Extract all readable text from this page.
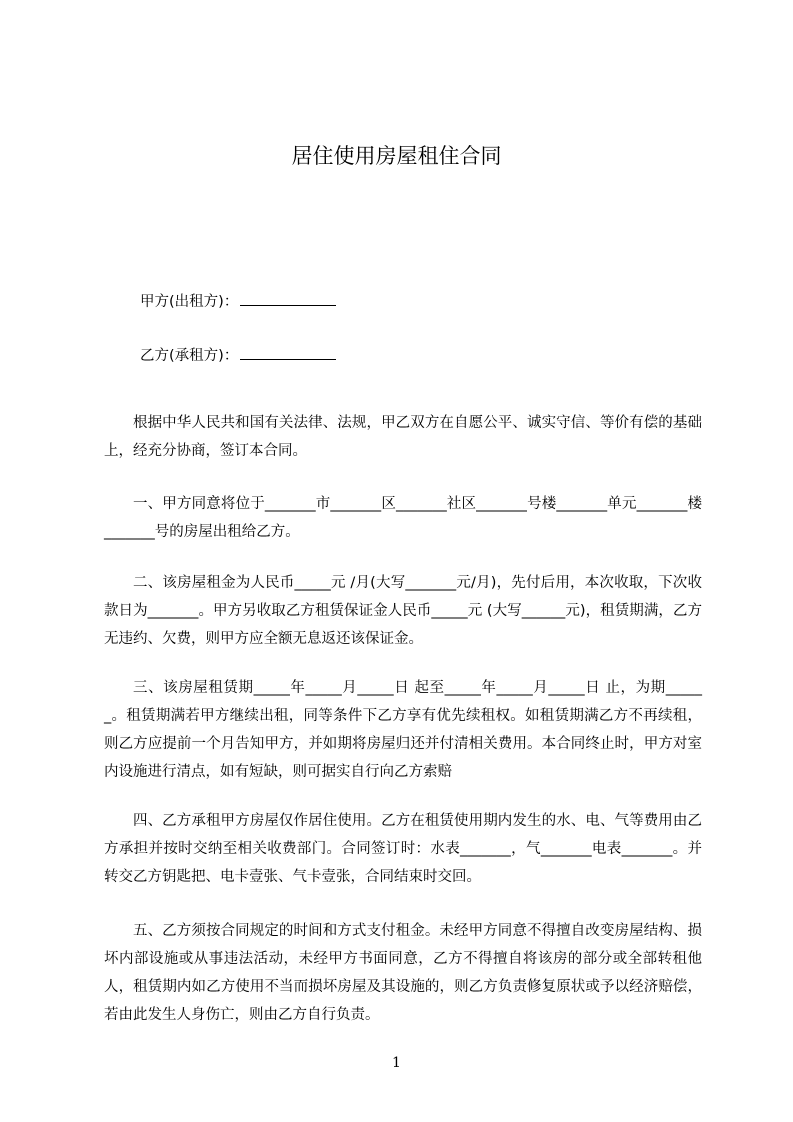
居住使用房屋租住合同
甲方(出租方)：
乙方(承租方)：

根据中华人民共和国有关法律、法规，甲乙双方在自愿公平、诚实守信、等价有偿的基础上，经充分协商，签订本合同。

一、甲方同意将位于_______市_______区_______社区_______号楼_______单元_______楼_______号的房屋出租给乙方。

二、该房屋租金为人民币_____元 /月(大写_______元/月)，先付后用，本次收取，下次收款日为_______。甲方另收取乙方租赁保证金人民币_____元 (大写______元)，租赁期满，乙方无违约、欠费，则甲方应全额无息返还该保证金。

三、该房屋租赁期_____年_____月_____日 起至_____年_____月_____日 止，为期______。租赁期满若甲方继续出租，同等条件下乙方享有优先续租权。如租赁期满乙方不再续租，则乙方应提前一个月告知甲方，并如期将房屋归还并付清相关费用。本合同终止时，甲方对室内设施进行清点，如有短缺，则可据实自行向乙方索赔

四、乙方承租甲方房屋仅作居住使用。乙方在租赁使用期内发生的水、电、气等费用由乙方承担并按时交纳至相关收费部门。合同签订时：水表_______，气_______电表_______。并转交乙方钥匙把、电卡壹张、气卡壹张，合同结束时交回。

五、乙方须按合同规定的时间和方式支付租金。未经甲方同意不得擅自改变房屋结构、损坏内部设施或从事违法活动，未经甲方书面同意，乙方不得擅自将该房的部分或全部转租他人，租赁期内如乙方使用不当而损坏房屋及其设施的，则乙方负责修复原状或予以经济赔偿，若由此发生人身伤亡，则由乙方自行负责。

1
